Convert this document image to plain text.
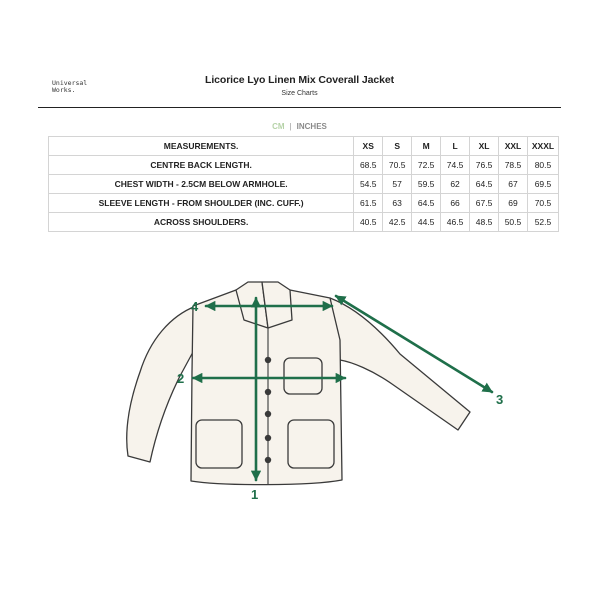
Universal
Works.
Licorice Lyo Linen Mix Coverall Jacket
Size Charts
CM | INCHES
MEASUREMENTS.	XS	S	M	L	XL	XXL	XXXL
CENTRE BACK LENGTH.	68.5	70.5	72.5	74.5	76.5	78.5	80.5
CHEST WIDTH - 2.5CM BELOW ARMHOLE.	54.5	57	59.5	62	64.5	67	69.5
SLEEVE LENGTH - FROM SHOULDER (INC. CUFF.)	61.5	63	64.5	66	67.5	69	70.5
ACROSS SHOULDERS.	40.5	42.5	44.5	46.5	48.5	50.5	52.5
1
2
3
4
